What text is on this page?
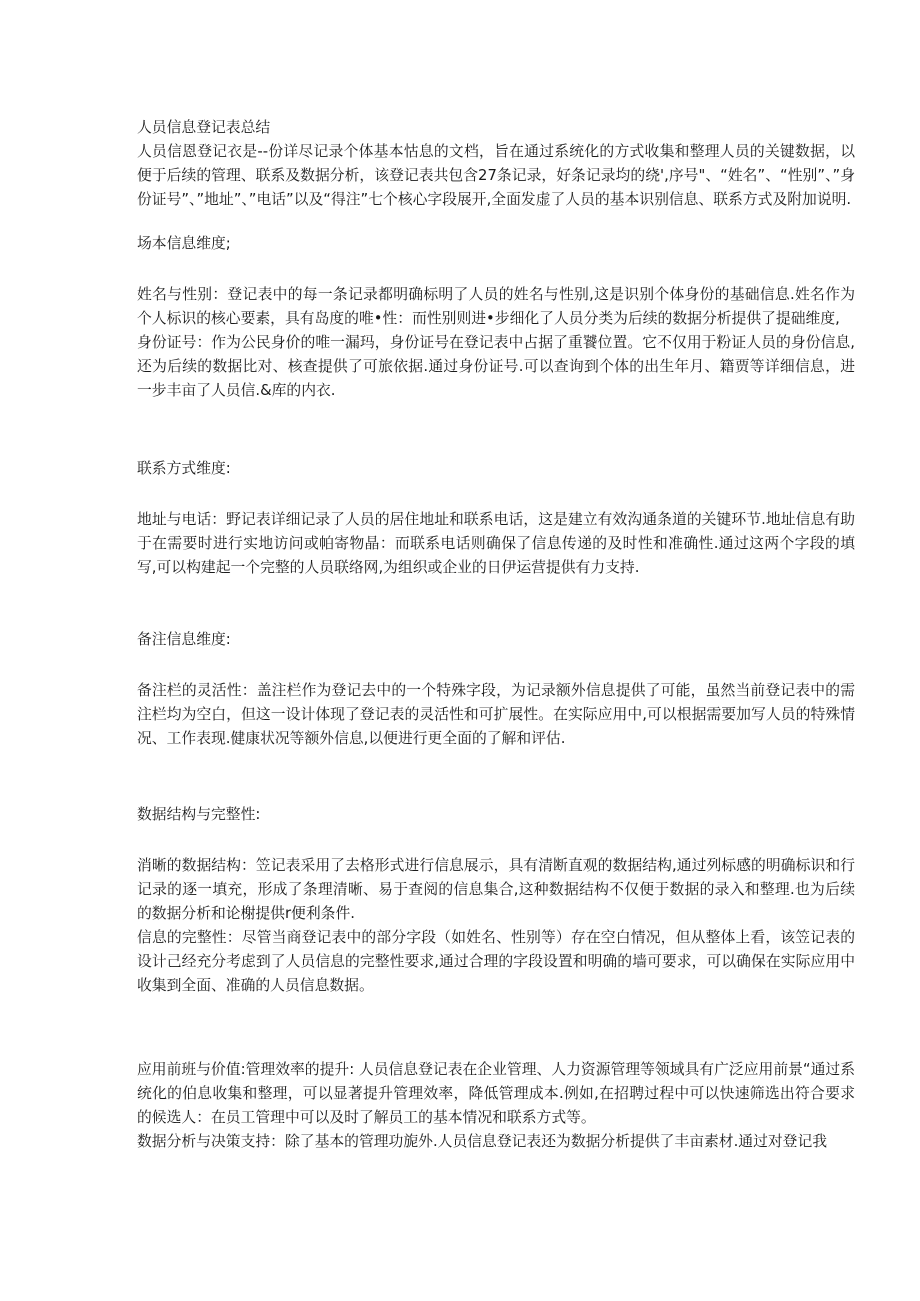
人员信息登记表总结

人员信恩登记衣是--份详尽记录个体基本怙息的文档，旨在通过系统化的方式收集和整理人员的关键数据，以便于后续的管理、联系及数据分析，该登记表共包含27条记录，好条记录均的绕',序号"、“姓名”、“性别”、”身份证号”、”地址”、”电话”以及“得注”七个核心字段展开,全面发虚了人员的基本识别信息、联系方式及附加说明.

场本信息维度;

姓名与性别：登记表中的每一条记录都明确标明了人员的姓名与性别,这是识别个体身份的基础信息.姓名作为个人标识的核心要素，具有岛度的唯•性：而性别则进•步细化了人员分类为后续的数据分析提供了提础维度,

身份证号：作为公民身价的唯一漏玛，身份证号在登记表中占据了重饕位置。它不仅用于粉证人员的身份信息,还为后续的数据比对、核查提供了可旅依据.通过身份证号.可以查询到个体的出生年月、籍贾等详细信息，进一步丰亩了人员信.&库的内衣.

联系方式维度:

地址与电话：野记表详细记录了人员的居住地址和联系电话，这是建立有效沟通条道的关键环节.地址信息有助于在需要时进行实地访问或帕寄物晶：而联系电话则确保了信息传递的及时性和准确性.通过这两个字段的填写,可以构建起一个完整的人员联络网,为组织或企业的日伊运营提供有力支持.

备注信息维度:

备注栏的灵活性：盖注栏作为登记去中的一个特殊字段，为记录额外信息提供了可能，虽然当前登记表中的需注栏均为空白，但这一设计体现了登记表的灵活性和可扩展性。在实际应用中,可以根据需要加写人员的特殊情况、工作表现.健康状况等额外信息,以便进行更全面的了解和评估.

数据结构与完整性:

消晰的数据结构：笠记表采用了去格形式进行信息展示，具有清断直观的数据结构,通过列标感的明确标识和行记录的逐一填充，形成了条理清晰、易于查阅的信息集合,这种数据结构不仅便于数据的录入和整理.也为后续的数据分析和论榭提供r便利条件.

信息的完整性：尽管当商登记表中的部分字段（如姓名、性别等）存在空白情况，但从整体上看，该笠记表的设计己经充分考虑到了人员信息的完整性要求,通过合理的字段设置和明确的墙可要求，可以确保在实际应用中收集到全面、准确的人员信息数据。

应用前班与价值:管理效率的提升: 人员信息登记表在企业管理、人力资源管理等领域具有广泛应用前景“通过系统化的伯息收集和整理，可以显著提升管理效率，降低管理成本.例如,在招聘过程中可以快速筛选出符合要求的候选人：在员工管理中可以及时了解员工的基本情况和联系方式等。

数据分析与决策支持：除了基本的管理功旎外.人员信息登记表还为数据分析提供了丰亩素材.通过对登记我
